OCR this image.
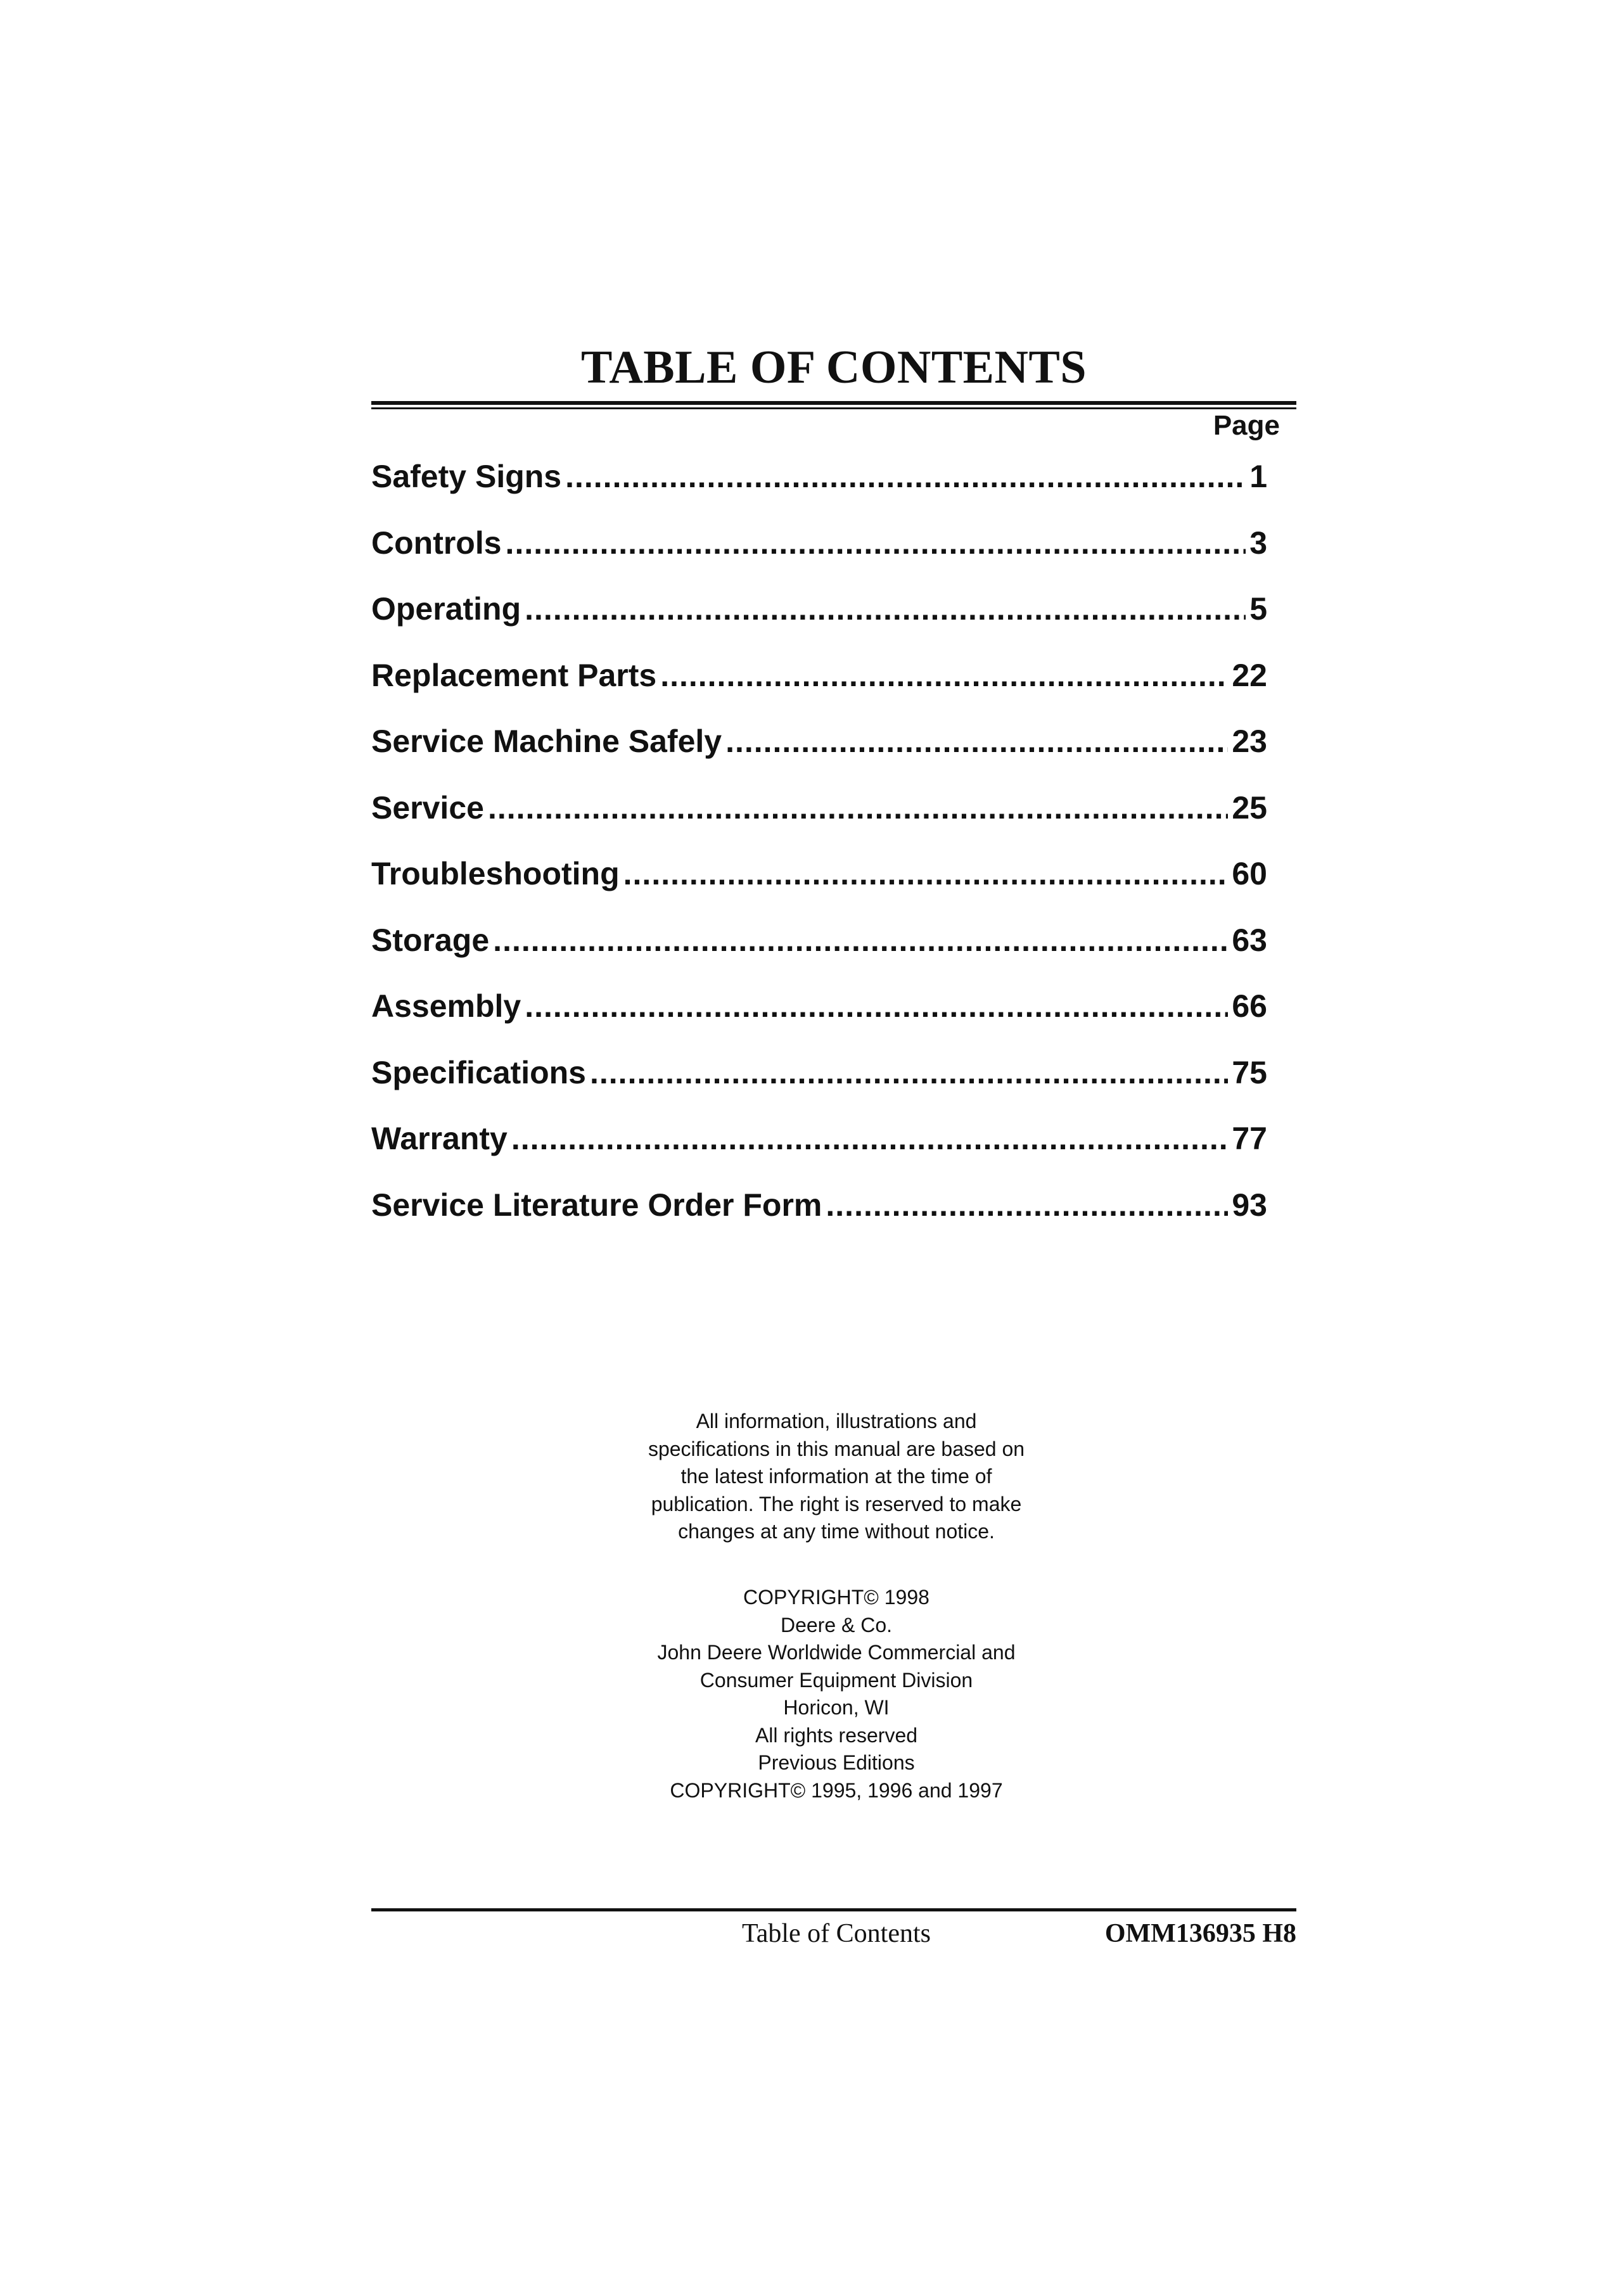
TABLE OF CONTENTS
Page
Safety Signs .....	1
Controls .....	3
Operating .....	5
Replacement Parts .....	22
Service Machine Safely .....	23
Service .....	25
Troubleshooting .....	60
Storage .....	63
Assembly .....	66
Specifications .....	75
Warranty .....	77
Service Literature Order Form .....	93

All information, illustrations and

specifications in this manual are based on

the latest information at the time of

publication. The right is reserved to make

changes at any time without notice.

COPYRIGHT© 1998
Deere & Co.
John Deere Worldwide Commercial and
Consumer Equipment Division
Horicon, WI
All rights reserved
Previous Editions
COPYRIGHT© 1995, 1996 and 1997
Table of Contents	OMM136935 H8
